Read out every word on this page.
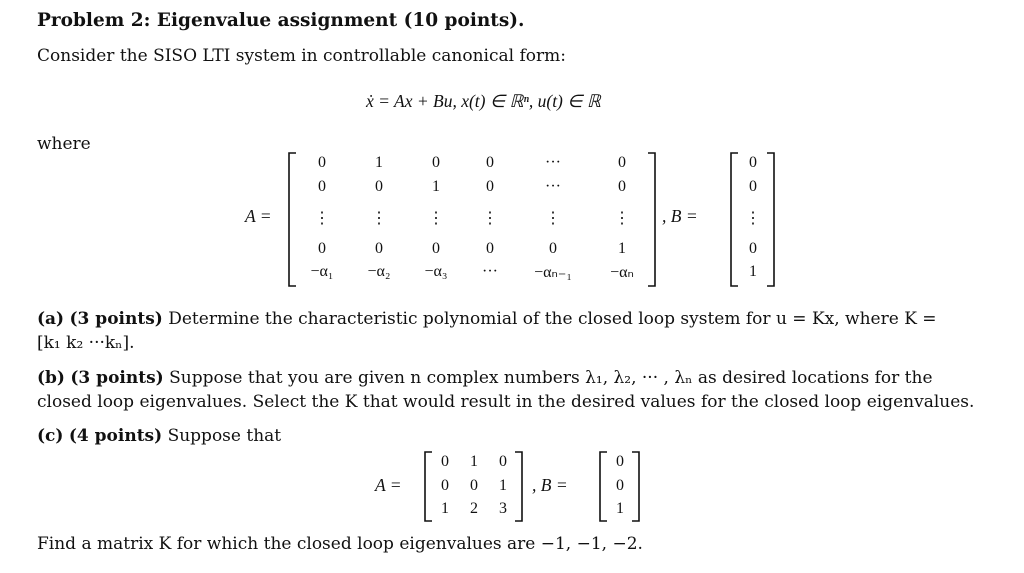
Problem 2: Eigenvalue assignment (10 points).
Consider the SISO LTI system in controllable canonical form:
ẋ = Ax + Bu, x(t) ∈ ℝⁿ, u(t) ∈ ℝ
where
A =
0	1	0	0	···	0
0	0	1	0	···	0
⋮	⋮	⋮ ⋮	⋮	⋮
0	0	0	0	0	1
−α₁ −α₂ −α₃ ··· −αₙ₋₁ −αₙ
, B =
0
0
⋮
0
1
(a) (3 points) Determine the characteristic polynomial of the closed loop system for u = Kx, where K =
[k₁ k₂ ···kₙ].
(b) (3 points) Suppose that you are given n complex numbers λ₁, λ₂, ··· , λₙ as desired locations for the
closed loop eigenvalues. Select the K that would result in the desired values for the closed loop eigenvalues.
(c) (4 points) Suppose that
A =
0 1 0
0 0 1
1 2 3
, B =
0
0
1
Find a matrix K for which the closed loop eigenvalues are −1, −1, −2.
